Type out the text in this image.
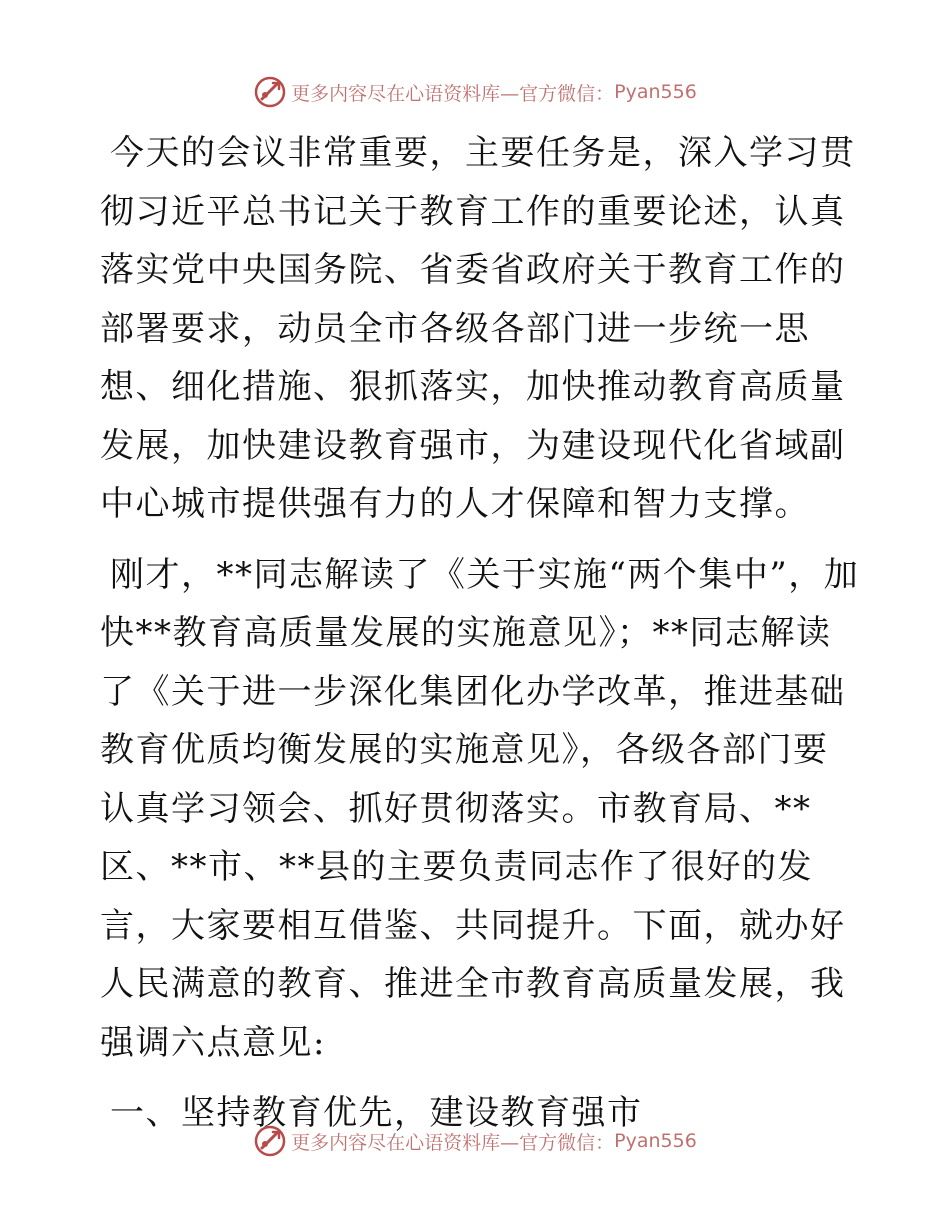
更多内容尽在心语资料库—官方微信： Pyan556

今天的会议非常重要，主要任务是，深入学习贯彻习近平总书记关于教育工作的重要论述，认真落实党中央国务院、省委省政府关于教育工作的部署要求，动员全市各级各部门进一步统一思想、细化措施、狠抓落实，加快推动教育高质量发展，加快建设教育强市，为建设现代化省域副中心城市提供强有力的人才保障和智力支撑。

刚才，**同志解读了《关于实施“两个集中”，加快**教育高质量发展的实施意见》；**同志解读了《关于进一步深化集团化办学改革，推进基础教育优质均衡发展的实施意见》，各级各部门要认真学习领会、抓好贯彻落实。市教育局、**区、**市、**县的主要负责同志作了很好的发言，大家要相互借鉴、共同提升。下面，就办好人民满意的教育、推进全市教育高质量发展，我强调六点意见:

一、坚持教育优先，建设教育强市

更多内容尽在心语资料库—官方微信： Pyan556
